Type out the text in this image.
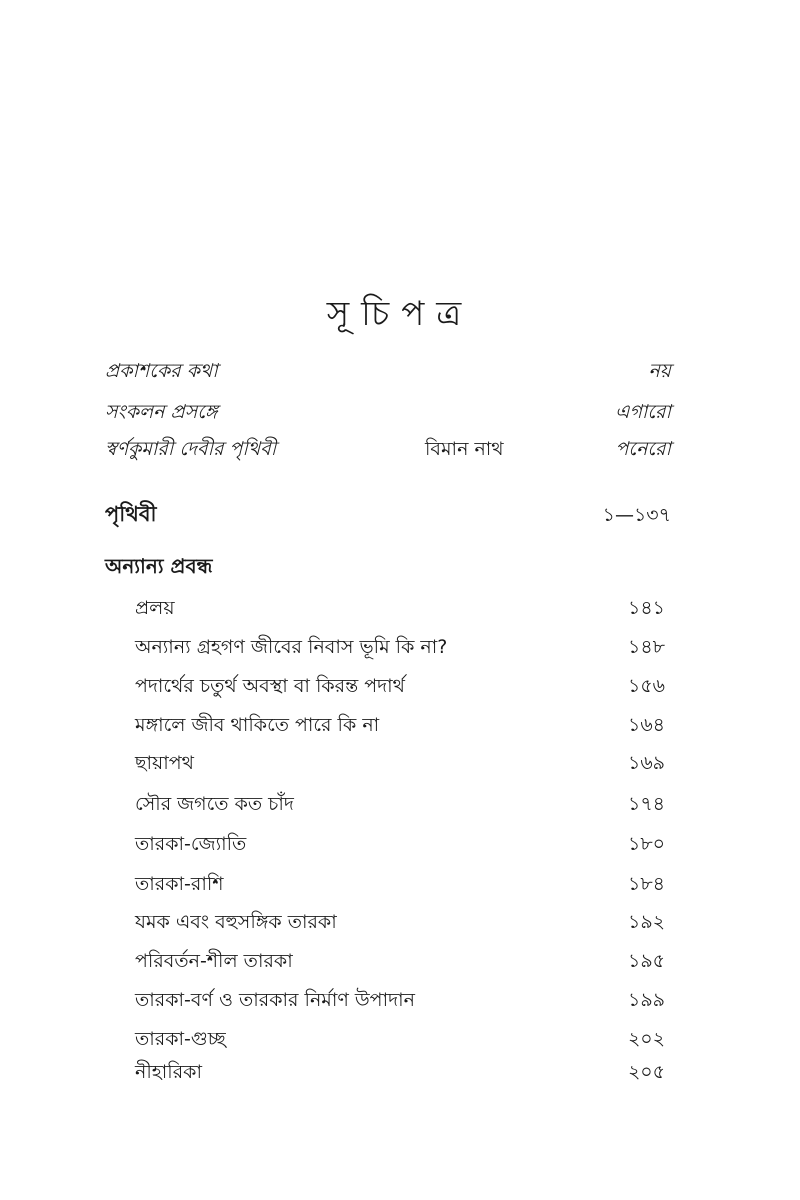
সূচিপত্র
প্রকাশকের কথা	নয়
সংকলন প্রসঙ্গে	এগারো
স্বর্ণকুমারী দেবীর পৃথিবী	বিমান নাথ	পনেরো
পৃথিবী	১—১৩৭
অন্যান্য প্রবন্ধ
প্রলয়	১৪১
অন্যান্য গ্রহগণ জীবের নিবাস ভূমি কি না?	১৪৮
পদার্থের চতুর্থ অবস্থা বা কিরন্ত পদার্থ	১৫৬
মঙ্গালে জীব থাকিতে পারে কি না	১৬৪
ছায়াপথ	১৬৯
সৌর জগতে কত চাঁদ	১৭৪
তারকা-জ্যোতি	১৮০
তারকা-রাশি	১৮৪
যমক এবং বহুসঙ্গিক তারকা	১৯২
পরিবর্তন-শীল তারকা	১৯৫
তারকা-বর্ণ ও তারকার নির্মাণ উপাদান	১৯৯
তারকা-গুচ্ছ	২০২
নীহারিকা	২০৫
